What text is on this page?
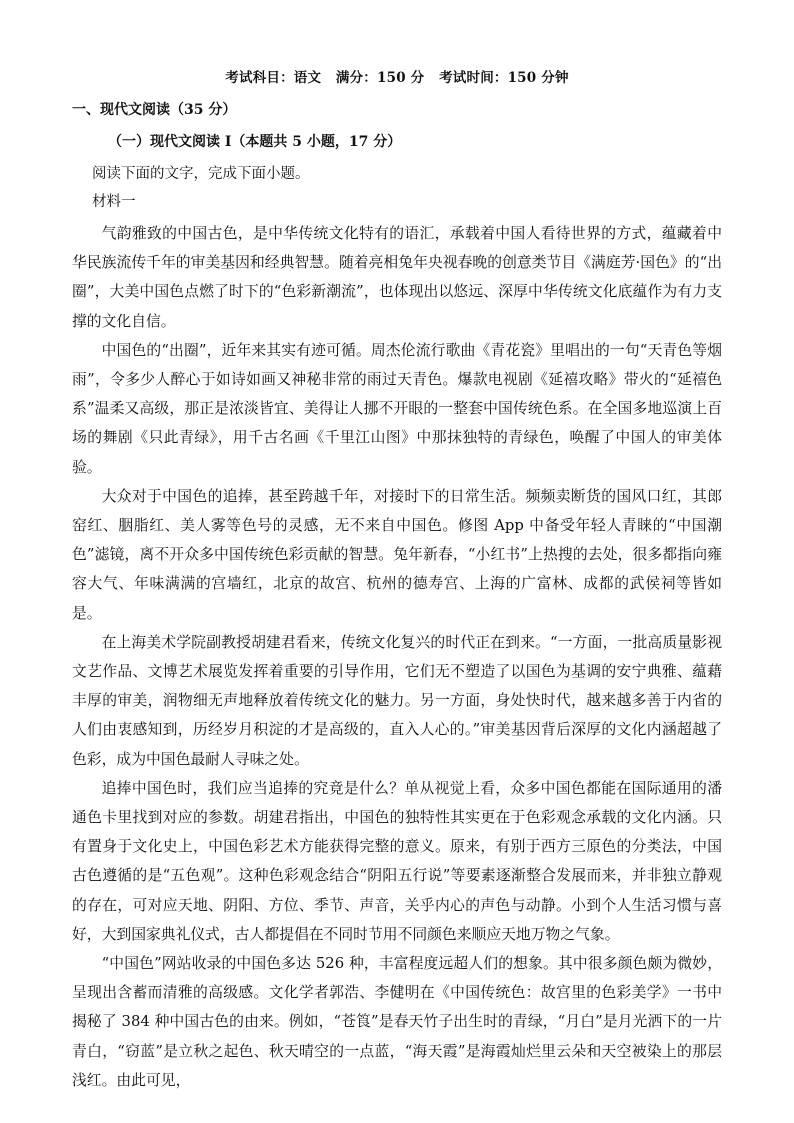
考试科目：语文 满分：150 分 考试时间：150 分钟
一、现代文阅读（35 分）
（一）现代文阅读 I（本题共 5 小题，17 分）
阅读下面的文字，完成下面小题。
材料一

气韵雅致的中国古色，是中华传统文化特有的语汇，承载着中国人看待世界的方式，蕴藏着中华民族流传千年的审美基因和经典智慧。随着亮相兔年央视春晚的创意类节目《满庭芳·国色》的“出圈”，大美中国色点燃了时下的“色彩新潮流”，也体现出以悠远、深厚中华传统文化底蕴作为有力支撑的文化自信。

中国色的“出圈”，近年来其实有迹可循。周杰伦流行歌曲《青花瓷》里唱出的一句“天青色等烟雨”，令多少人醉心于如诗如画又神秘非常的雨过天青色。爆款电视剧《延禧攻略》带火的“延禧色系”温柔又高级，那正是浓淡皆宜、美得让人挪不开眼的一整套中国传统色系。在全国多地巡演上百场的舞剧《只此青绿》，用千古名画《千里江山图》中那抹独特的青绿色，唤醒了中国人的审美体验。

大众对于中国色的追捧，甚至跨越千年，对接时下的日常生活。频频卖断货的国风口红，其郎窑红、胭脂红、美人雾等色号的灵感，无不来自中国色。修图 App 中备受年轻人青睐的“中国潮色”滤镜，离不开众多中国传统色彩贡献的智慧。兔年新春，“小红书”上热搜的去处，很多都指向雍容大气、年味满满的宫墙红，北京的故宫、杭州的德寿宫、上海的广富林、成都的武侯祠等皆如是。

在上海美术学院副教授胡建君看来，传统文化复兴的时代正在到来。“一方面，一批高质量影视文艺作品、文博艺术展览发挥着重要的引导作用，它们无不塑造了以国色为基调的安宁典雅、蕴藉丰厚的审美，润物细无声地释放着传统文化的魅力。另一方面，身处快时代，越来越多善于内省的人们由衷感知到，历经岁月积淀的才是高级的，直入人心的。”审美基因背后深厚的文化内涵超越了色彩，成为中国色最耐人寻味之处。

追捧中国色时，我们应当追捧的究竟是什么？单从视觉上看，众多中国色都能在国际通用的潘通色卡里找到对应的参数。胡建君指出，中国色的独特性其实更在于色彩观念承载的文化内涵。只有置身于文化史上，中国色彩艺术方能获得完整的意义。原来，有别于西方三原色的分类法，中国古色遵循的是“五色观”。这种色彩观念结合“阴阳五行说”等要素逐渐整合发展而来，并非独立静观的存在，可对应天地、阴阳、方位、季节、声音，关乎内心的声色与动静。小到个人生活习惯与喜好，大到国家典礼仪式，古人都提倡在不同时节用不同颜色来顺应天地万物之气象。

“中国色”网站收录的中国色多达 526 种，丰富程度远超人们的想象。其中很多颜色颇为微妙，呈现出含蓄而清雅的高级感。文化学者郭浩、李健明在《中国传统色：故宫里的色彩美学》一书中揭秘了 384 种中国古色的由来。例如，“苍筤”是春天竹子出生时的青绿，“月白”是月光洒下的一片青白，“窃蓝”是立秋之起色、秋天晴空的一点蓝，“海天霞”是海霞灿烂里云朵和天空被染上的那层浅红。由此可见，
